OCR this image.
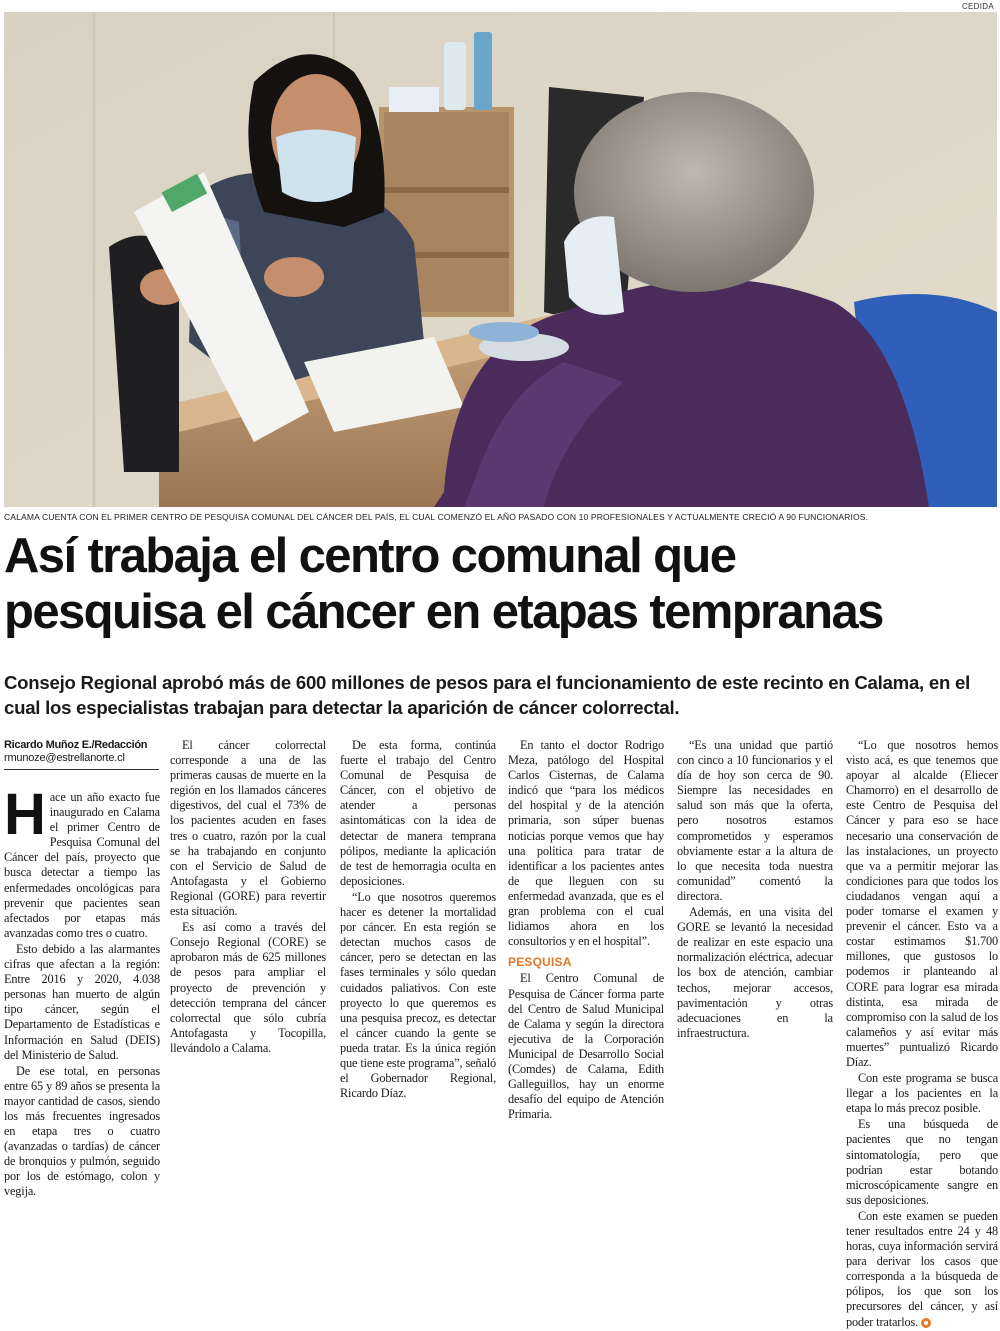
CEDIDA
CALAMA CUENTA CON EL PRIMER CENTRO DE PESQUISA COMUNAL DEL CÁNCER DEL PAÍS, EL CUAL COMENZÓ EL AÑO PASADO CON 10 PROFESIONALES Y ACTUALMENTE CRECIÓ A 90 FUNCIONARIOS.
Así trabaja el centro comunal que
pesquisa el cáncer en etapas tempranas

Consejo Regional aprobó más de 600 millones de pesos para el funcionamiento de este recinto en Calama, en el cual los especialistas trabajan para detectar la aparición de cáncer colorrectal.

Ricardo Muñoz E./Redacción
rmunoze@estrellanorte.cl

Hace un año exacto fue inaugurado en Calama el primer Centro de Pesquisa Comunal del Cáncer del país, proyecto que busca detectar a tiempo las enfermedades oncológicas para prevenir que pacientes sean afectados por etapas más avanzadas como tres o cuatro.

Esto debido a las alarmantes cifras que afectan a la región: Entre 2016 y 2020, 4.038 personas han muerto de algún tipo cáncer, según el Departamento de Estadísticas e Información en Salud (DEIS) del Ministerio de Salud.

De ese total, en personas entre 65 y 89 años se presenta la mayor cantidad de casos, siendo los más frecuentes ingresados en etapa tres o cuatro (avanzadas o tardías) de cáncer de bronquios y pulmón, seguido por los de estómago, colon y vegija.

El cáncer colorrectal corresponde a una de las primeras causas de muerte en la región en los llamados cánceres digestivos, del cual el 73% de los pacientes acuden en fases tres o cuatro, razón por la cual se ha trabajando en conjunto con el Servicio de Salud de Antofagasta y el Gobierno Regional (GORE) para revertir esta situación.

Es así como a través del Consejo Regional (CORE) se aprobaron más de 625 millones de pesos para ampliar el proyecto de prevención y detección temprana del cáncer colorrectal que sólo cubría Antofagasta y Tocopilla, llevándolo a Calama.

De esta forma, continúa fuerte el trabajo del Centro Comunal de Pesquisa de Cáncer, con el objetivo de atender a personas asintomáticas con la idea de detectar de manera temprana pólipos, mediante la aplicación de test de hemorragia oculta en deposiciones.

“Lo que nosotros queremos hacer es detener la mortalidad por cáncer. En esta región se detectan muchos casos de cáncer, pero se detectan en las fases terminales y sólo quedan cuidados paliativos. Con este proyecto lo que queremos es una pesquisa precoz, es detectar el cáncer cuando la gente se pueda tratar. Es la única región que tiene este programa”, señaló el Gobernador Regional, Ricardo Díaz.

En tanto el doctor Rodrigo Meza, patólogo del Hospital Carlos Cisternas, de Calama indicó que “para los médicos del hospital y de la atención primaria, son súper buenas noticias porque vemos que hay una política para tratar de identificar a los pacientes antes de que lleguen con su enfermedad avanzada, que es el gran problema con el cual lidiamos ahora en los consultorios y en el hospital”.

PESQUISA

El Centro Comunal de Pesquisa de Cáncer forma parte del Centro de Salud Municipal de Calama y según la directora ejecutiva de la Corporación Municipal de Desarrollo Social (Comdes) de Calama, Edith Galleguillos, hay un enorme desafío del equipo de Atención Primaria.

“Es una unidad que partió con cinco a 10 funcionarios y el día de hoy son cerca de 90. Siempre las necesidades en salud son más que la oferta, pero nosotros estamos comprometidos y esperamos obviamente estar a la altura de lo que necesita toda nuestra comunidad” comentó la directora.

Además, en una visita del GORE se levantó la necesidad de realizar en este espacio una normalización eléctrica, adecuar los box de atención, cambiar techos, mejorar accesos, pavimentación y otras adecuaciones en la infraestructura.

“Lo que nosotros hemos visto acá, es que tenemos que apoyar al alcalde (Eliecer Chamorro) en el desarrollo de este Centro de Pesquisa del Cáncer y para eso se hace necesario una conservación de las instalaciones, un proyecto que va a permitir mejorar las condiciones para que todos los ciudadanos vengan aquí a poder tomarse el examen y prevenir el cáncer. Esto va a costar estimamos $1.700 millones, que gustosos lo podemos ir planteando al CORE para lograr esa mirada distinta, esa mirada de compromiso con la salud de los calameños y así evitar más muertes” puntualizó Ricardo Díaz.

Con este programa se busca llegar a los pacientes en la etapa lo más precoz posible.

Es una búsqueda de pacientes que no tengan sintomatología, pero que podrían estar botando microscópicamente sangre en sus deposiciones.

Con este examen se pueden tener resultados entre 24 y 48 horas, cuya información servirá para derivar los casos que corresponda a la búsqueda de pólipos, los que son los precursores del cáncer, y así poder tratarlos.
